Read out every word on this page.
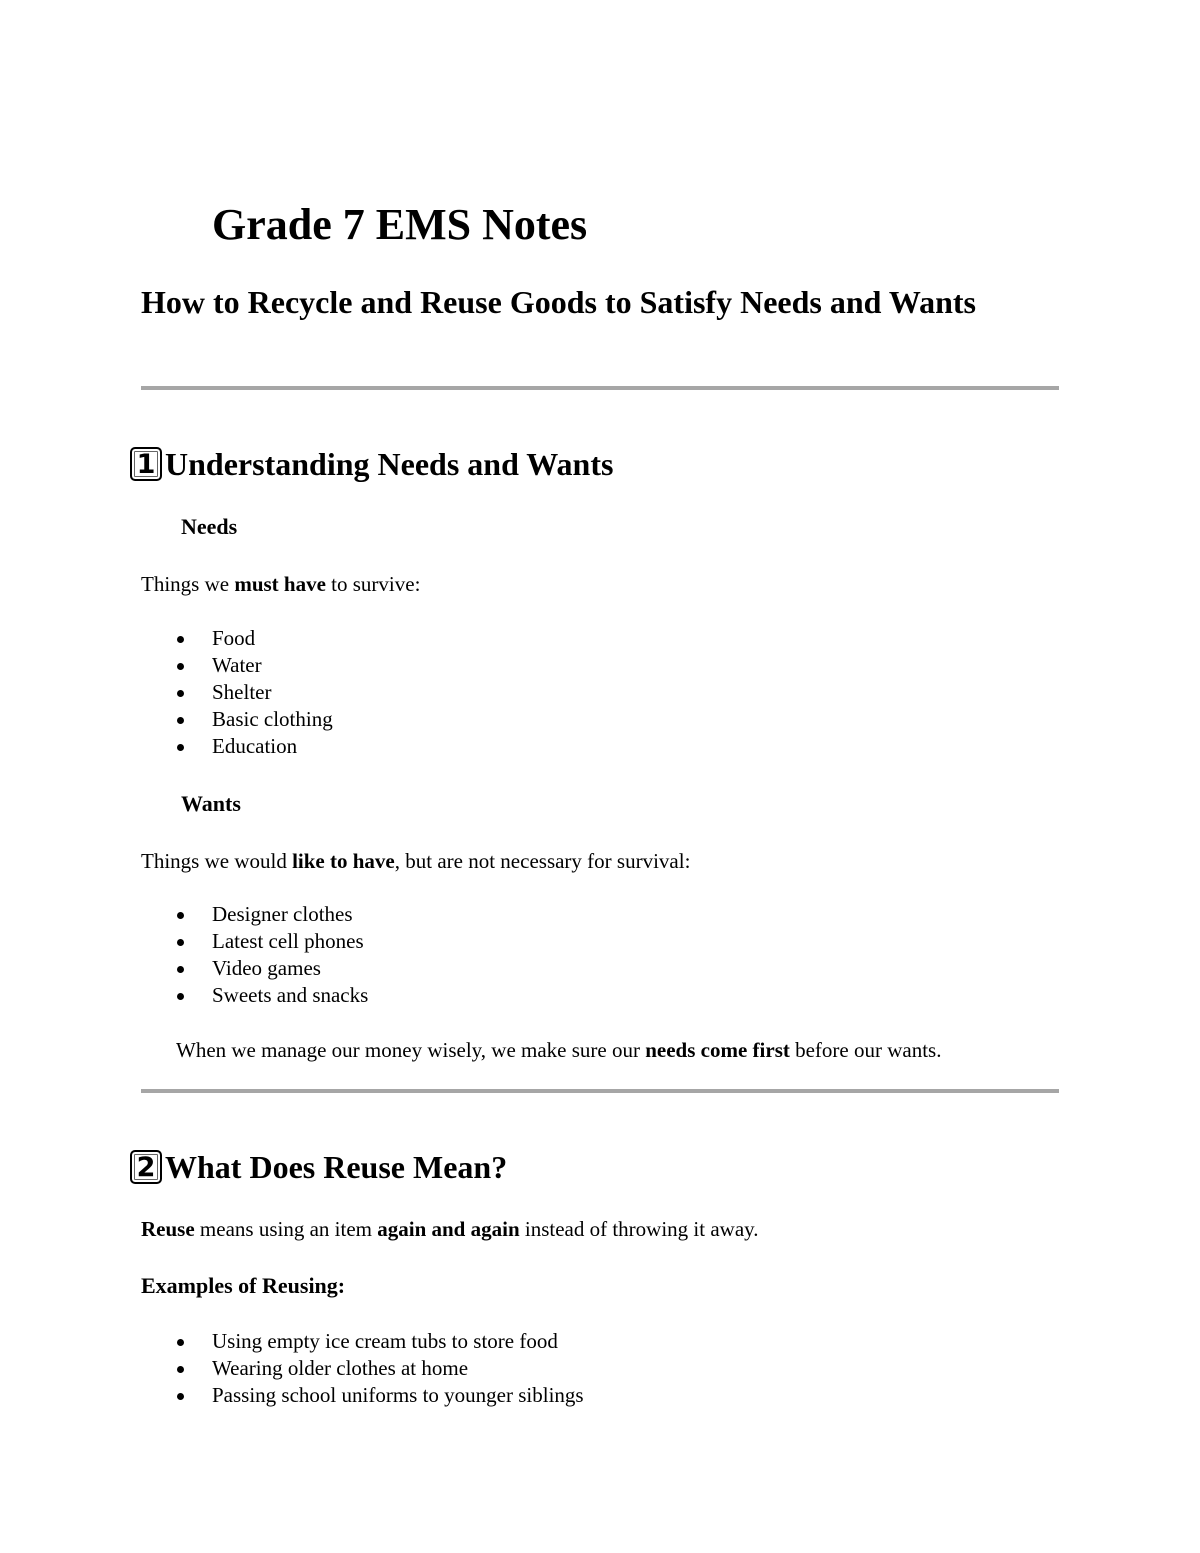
Grade 7 EMS Notes
How to Recycle and Reuse Goods to Satisfy Needs and Wants
1 Understanding Needs and Wants
Needs
Things we must have to survive:
Food
Water
Shelter
Basic clothing
Education
Wants
Things we would like to have, but are not necessary for survival:
Designer clothes
Latest cell phones
Video games
Sweets and snacks
When we manage our money wisely, we make sure our needs come first before our wants.
2 What Does Reuse Mean?
Reuse means using an item again and again instead of throwing it away.
Examples of Reusing:
Using empty ice cream tubs to store food
Wearing older clothes at home
Passing school uniforms to younger siblings
